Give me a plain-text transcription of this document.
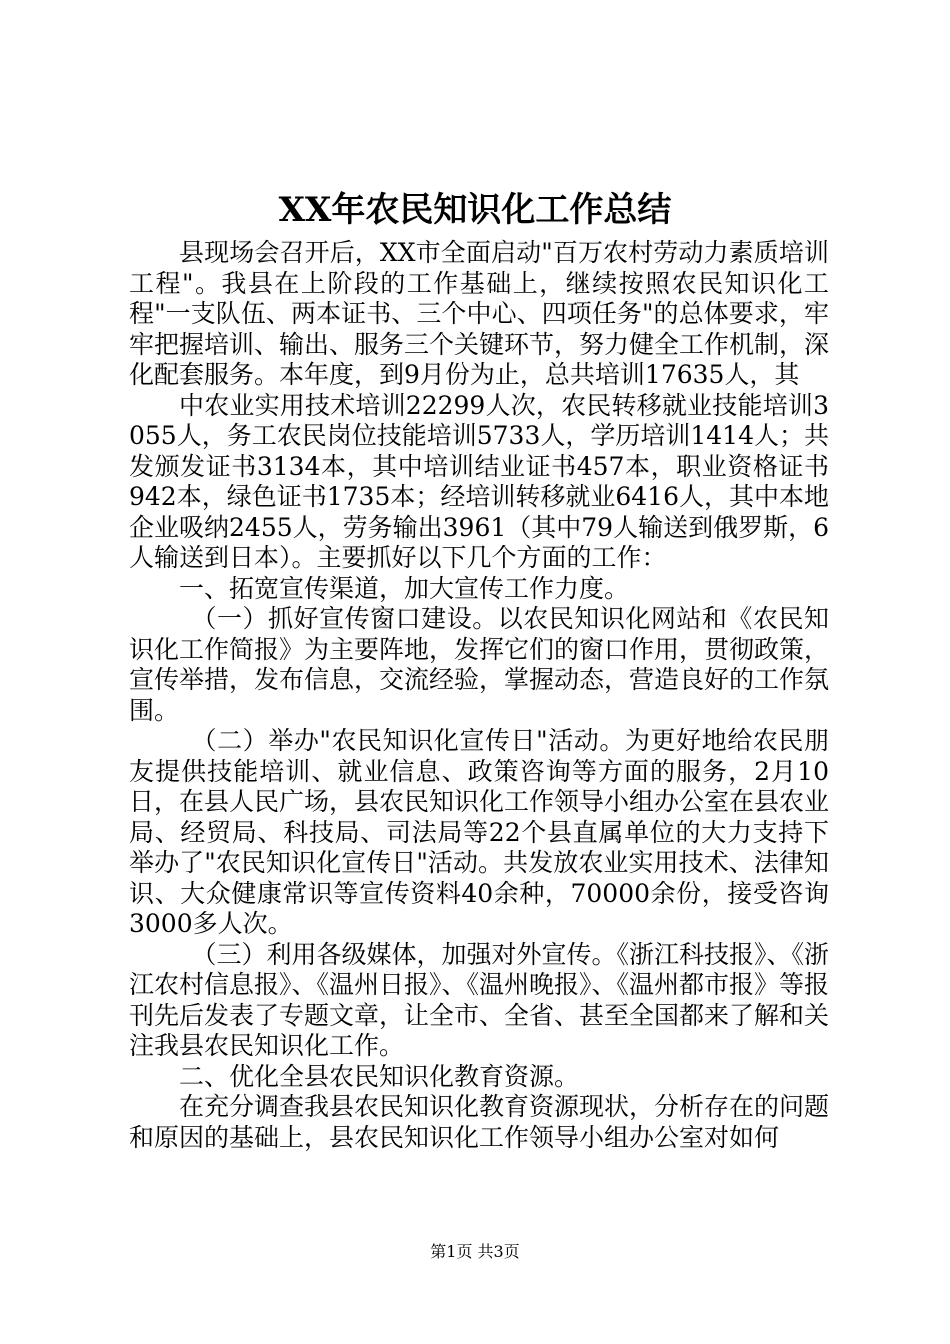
XX年农民知识化工作总结

县现场会召开后，XX市全面启动"百万农村劳动力素质培训工程"。我县在上阶段的工作基础上，继续按照农民知识化工程"一支队伍、两本证书、三个中心、四项任务"的总体要求，牢牢把握培训、输出、服务三个关键环节，努力健全工作机制，深化配套服务。本年度，到9月份为止，总共培训17635人，其

中农业实用技术培训22299人次，农民转移就业技能培训3055人，务工农民岗位技能培训5733人，学历培训1414人；共发颁发证书3134本，其中培训结业证书457本，职业资格证书942本，绿色证书1735本；经培训转移就业6416人，其中本地企业吸纳2455人，劳务输出3961（其中79人输送到俄罗斯，6人输送到日本）。主要抓好以下几个方面的工作：

一、拓宽宣传渠道，加大宣传工作力度。

（一）抓好宣传窗口建设。以农民知识化网站和《农民知识化工作简报》为主要阵地，发挥它们的窗口作用，贯彻政策，宣传举措，发布信息，交流经验，掌握动态，营造良好的工作氛围。

（二）举办"农民知识化宣传日"活动。为更好地给农民朋友提供技能培训、就业信息、政策咨询等方面的服务，2月10日，在县人民广场，县农民知识化工作领导小组办公室在县农业局、经贸局、科技局、司法局等22个县直属单位的大力支持下举办了"农民知识化宣传日"活动。共发放农业实用技术、法律知识、大众健康常识等宣传资料40余种，70000余份，接受咨询3000多人次。

（三）利用各级媒体，加强对外宣传。《浙江科技报》、《浙江农村信息报》、《温州日报》、《温州晚报》、《温州都市报》等报刊先后发表了专题文章，让全市、全省、甚至全国都来了解和关注我县农民知识化工作。

二、优化全县农民知识化教育资源。

在充分调查我县农民知识化教育资源现状，分析存在的问题和原因的基础上，县农民知识化工作领导小组办公室对如何

第1页 共3页
